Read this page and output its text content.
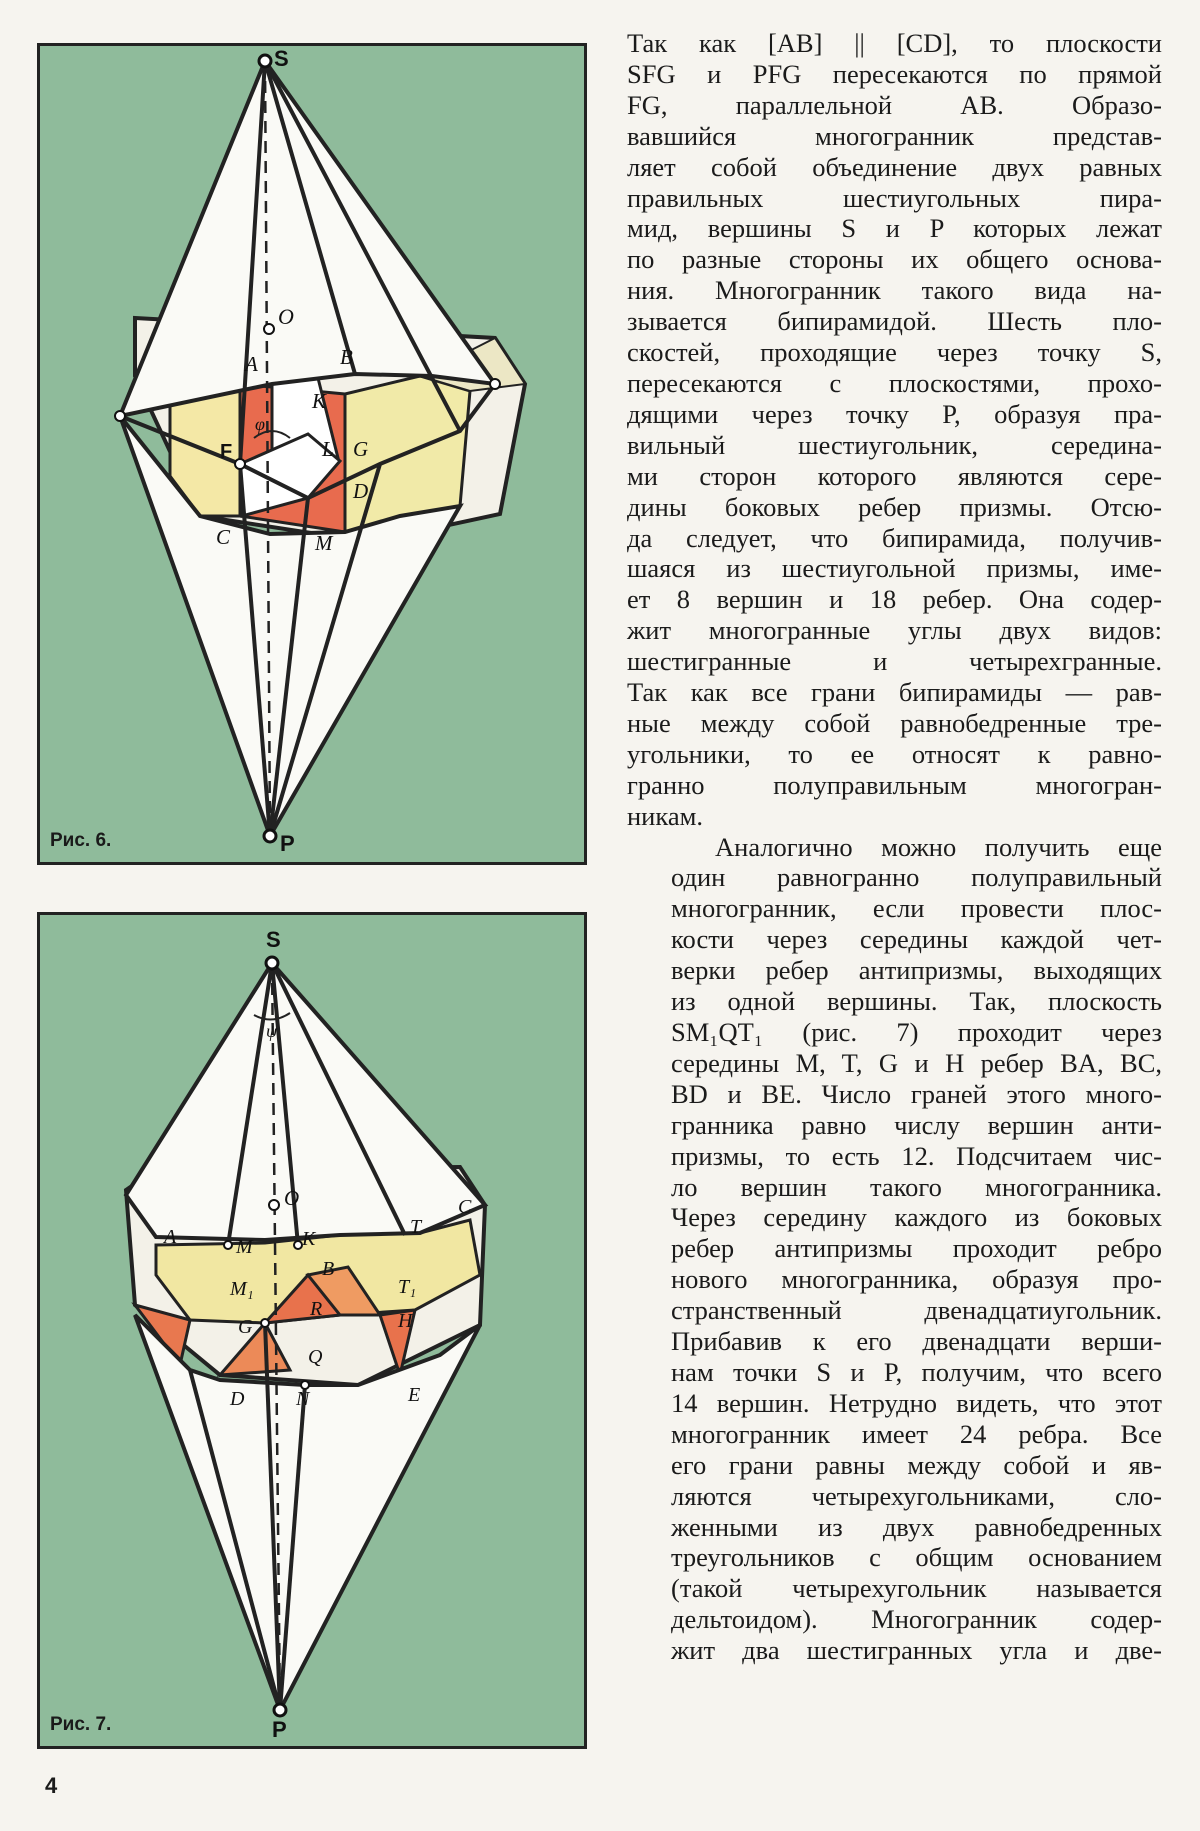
S
P
O
A	B
K
F	L G
D
C	M
φ
Рис. 6.
S
P
O
A	M K
T
C
B
M₁	T₁
R
G	H
Q
D	N	E
ψ
Рис. 7.

Так как [AB] || [CD], то плоскости
SFG и PFG пересекаются по прямой
FG, параллельной AB. Образо-
вавшийся многогранник представ-
ляет собой объединение двух равных
правильных шестиугольных пира-
мид, вершины S и P которых лежат
по разные стороны их общего основа-
ния. Многогранник такого вида на-
зывается бипирамидой. Шесть пло-
скостей, проходящие через точку S,
пересекаются с плоскостями, прохо-
дящими через точку P, образуя пра-
вильный шестиугольник, середина-
ми сторон которого являются сере-
дины боковых ребер призмы. Отсю-
да следует, что бипирамида, получив-
шаяся из шестиугольной призмы, име-
ет 8 вершин и 18 ребер. Она содер-
жит многогранные углы двух видов:
шестигранные и четырехгранные.
Так как все грани бипирамиды — рав-
ные между собой равнобедренные тре-
угольники, то ее относят к равно-
гранно полуправильным многогран-
никам.

Аналогично можно получить еще
один равногранно полуправильный
многогранник, если провести плос-
кости через середины каждой чет-
верки ребер антипризмы, выходящих
из одной вершины. Так, плоскость
SM₁QT₁ (рис. 7) проходит через
середины M, T, G и H ребер BA, BC,
BD и BE. Число граней этого много-
гранника равно числу вершин анти-
призмы, то есть 12. Подсчитаем чис-
ло вершин такого многогранника.
Через середину каждого из боковых
ребер антипризмы проходит ребро
нового многогранника, образуя про-
странственный двенадцатиугольник.
Прибавив к его двенадцати верши-
нам точки S и P, получим, что всего
14 вершин. Нетрудно видеть, что этот
многогранник имеет 24 ребра. Все
его грани равны между собой и яв-
ляются четырехугольниками, сло-
женными из двух равнобедренных
треугольников с общим основанием
(такой четырехугольник называется
дельтоидом). Многогранник содер-
жит два шестигранных угла и две-

4
